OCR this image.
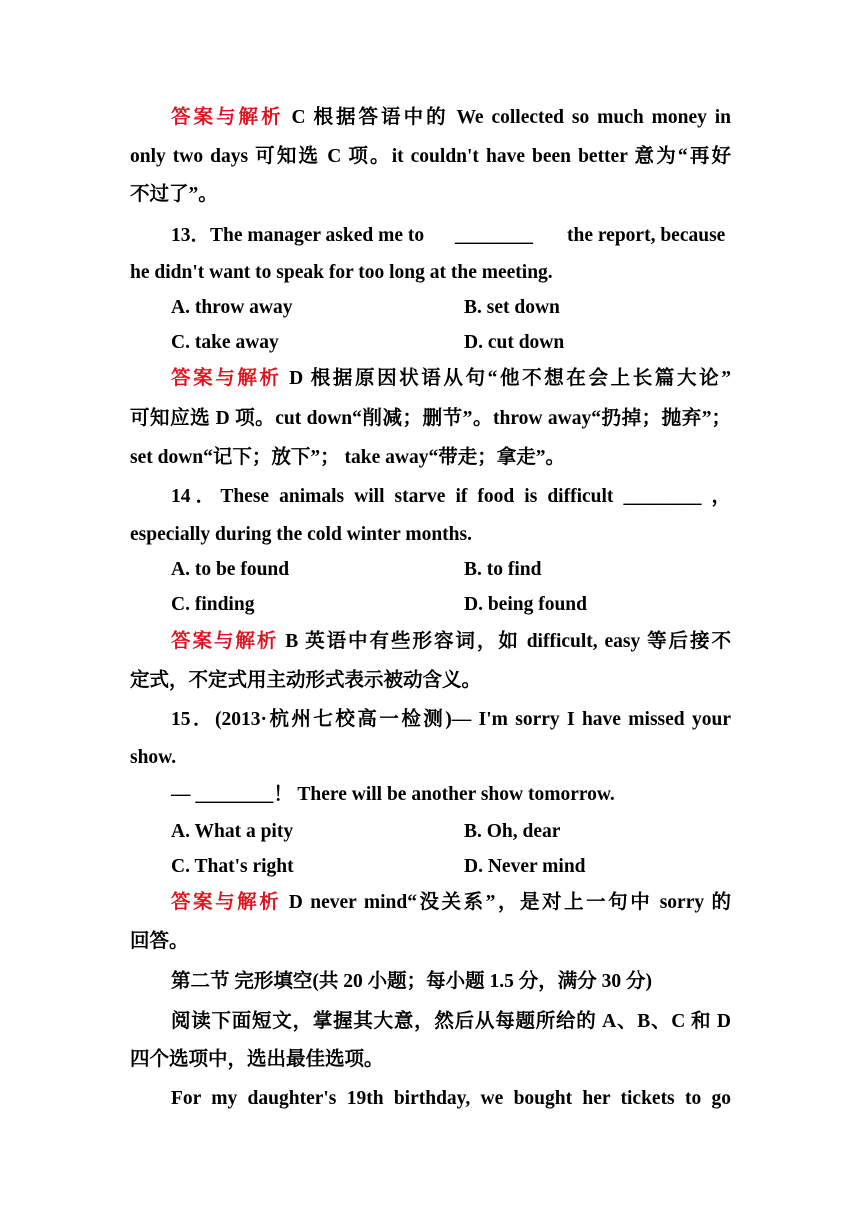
答案与解析 C 根据答语中的 We collected so much money in
only two days 可知选 C 项。it couldn't have been better 意为“再好
不过了”。
13．The manager asked me to ________ the report, because
he didn't want to speak for too long at the meeting.
A. throw away	B. set down
C. take away	D. cut down
答案与解析 D 根据原因状语从句“他不想在会上长篇大论”
可知应选 D 项。cut down“削减；删节”。throw away“扔掉；抛弃”；
set down“记下；放下”； take away“带走；拿走”。
14．These animals will starve if food is difficult ________ ，
especially during the cold winter months.
A. to be found	B. to find
C. finding	D. being found
答案与解析 B 英语中有些形容词，如 difficult, easy 等后接不
定式，不定式用主动形式表示被动含义。
15．(2013·杭州七校高一检测)— I'm sorry I have missed your
show.
— ________！ There will be another show tomorrow.
A. What a pity	B. Oh, dear
C. That's right	D. Never mind
答案与解析 D never mind“没关系”，是对上一句中 sorry 的
回答。
第二节 完形填空(共 20 小题；每小题 1.5 分，满分 30 分)
阅读下面短文，掌握其大意，然后从每题所给的 A、B、C 和 D
四个选项中，选出最佳选项。
For my daughter's 19th birthday, we bought her tickets to go
